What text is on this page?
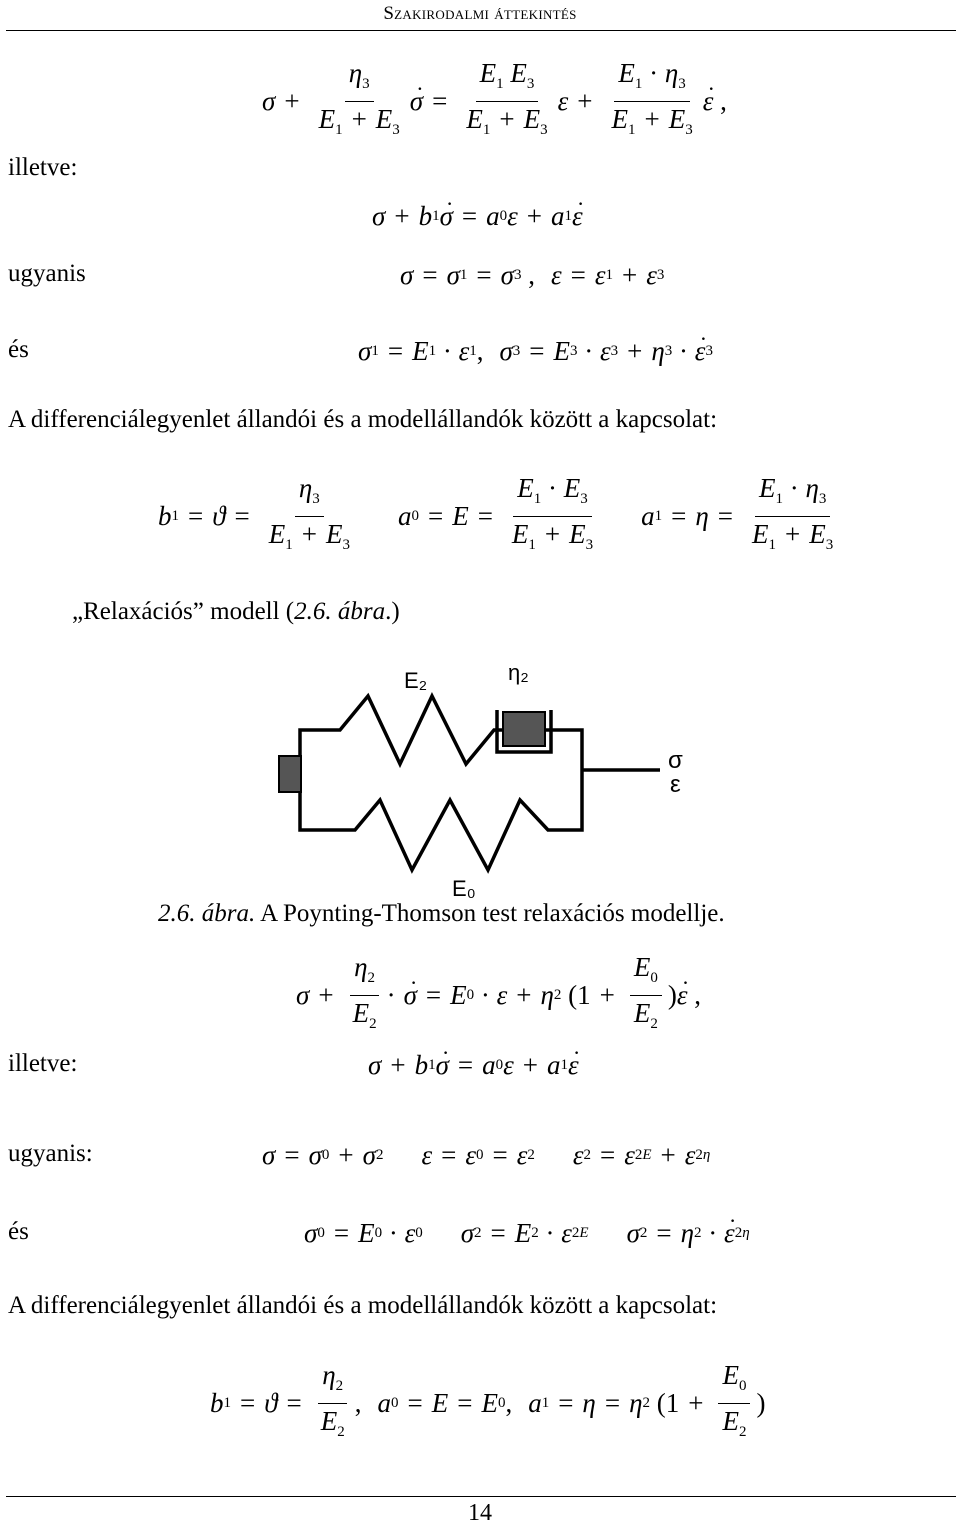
Szakirodalmi áttekintés
$\sigma + \frac{\eta_3}{E_1 + E_3}$ σ . = $\frac{E_1 E_3}{E_1 + E_3}$ $\varepsilon + \frac{E_1 \cdot \eta_3}{E_1 + E_3}$ ε . ,
illetve:
σ + b 1 σ . = a 0 ε + a 1 ε .
ugyanis	σ = σ 1 = σ 3 , ε = ε 1 + ε 3
és	σ 1 = E 1 · ε 1 , σ 3 = E 3 · ε 3 + η 3 · ε . 3
A differenciálegyenlet állandói és a modellállandók között a kapcsolat:
b $1 = ϑ = \frac{\eta_3}{E_1 + E_3}$ a $0 = E = \frac{E_1 \cdot E_3}{E_1 + E_3}$ a $1 = \eta = \frac{E_1 \cdot \eta_3}{E_1 + E_3}$
„Relaxációs” modell (2.6. ábra.)
E₂	η₂
σ
ε
E₀
2.6. ábra. A Poynting-Thomson test relaxációs modellje.
$\sigma + \frac{\eta_2}{E_2} \cdot \sigma$ . = E 0 · ε + η 2 ($1 + \frac{E_0}{E_2}$ ) ε . ,
illetve:	σ + b 1 σ . = a 0 ε + a 1 ε .
ugyanis:	σ = σ 0 + σ 2 ε = ε 0 = ε 2 ε 2 = ε 2E + ε 2η
és	σ 0 = E 0 · ε 0 σ 2 = E 2 · ε 2E σ 2 = η 2 · ε . 2η
A differenciálegyenlet állandói és a modellállandók között a kapcsolat:
b $1 = ϑ = \frac{\eta_2}{E_2}$ , a 0 = E = E 0 , a 1 = η = η 2 ($1 + \frac{E_0}{E_2}$ )
14
